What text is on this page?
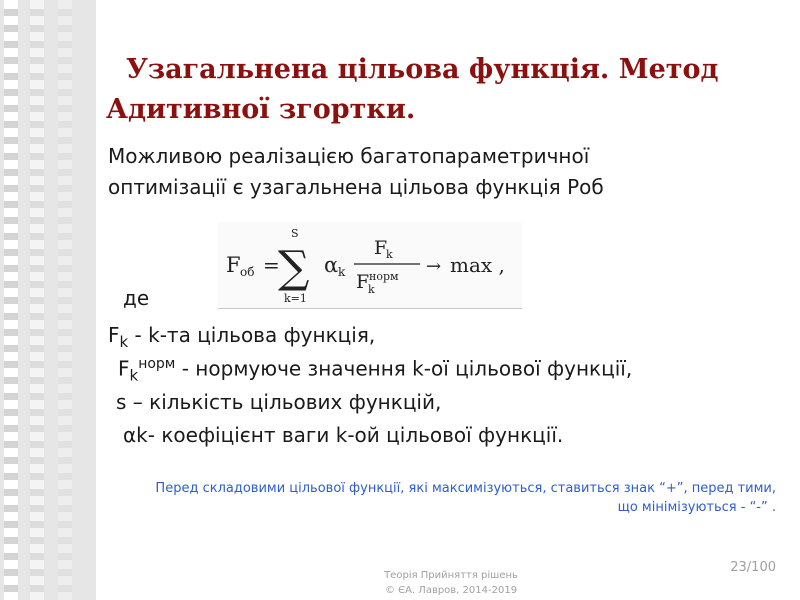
Узагальнена цільова функція. Метод
Адитивної згортки.
Можливою реалізацією багатопараметричної
оптимізації є узагальнена цільова функція Роб
F об =
S
∑
k=1
α k
F
k
F
k
норм → max ,
де
$F_k - k-та$ цільова функція,
$F_k^{норм}$ - нормуюче значення k-ої цільової функції,
s – кількість цільових функцій,
αk- коефіцієнт ваги k-ой цільової функції.
Перед складовими цільової функції, які максимізуються, ставиться знак “+”, перед тими,
що мінімізуються - “-” .
Теорія Прийняття рішень
© ЄА. Лавров, 2014-2019
23/100
